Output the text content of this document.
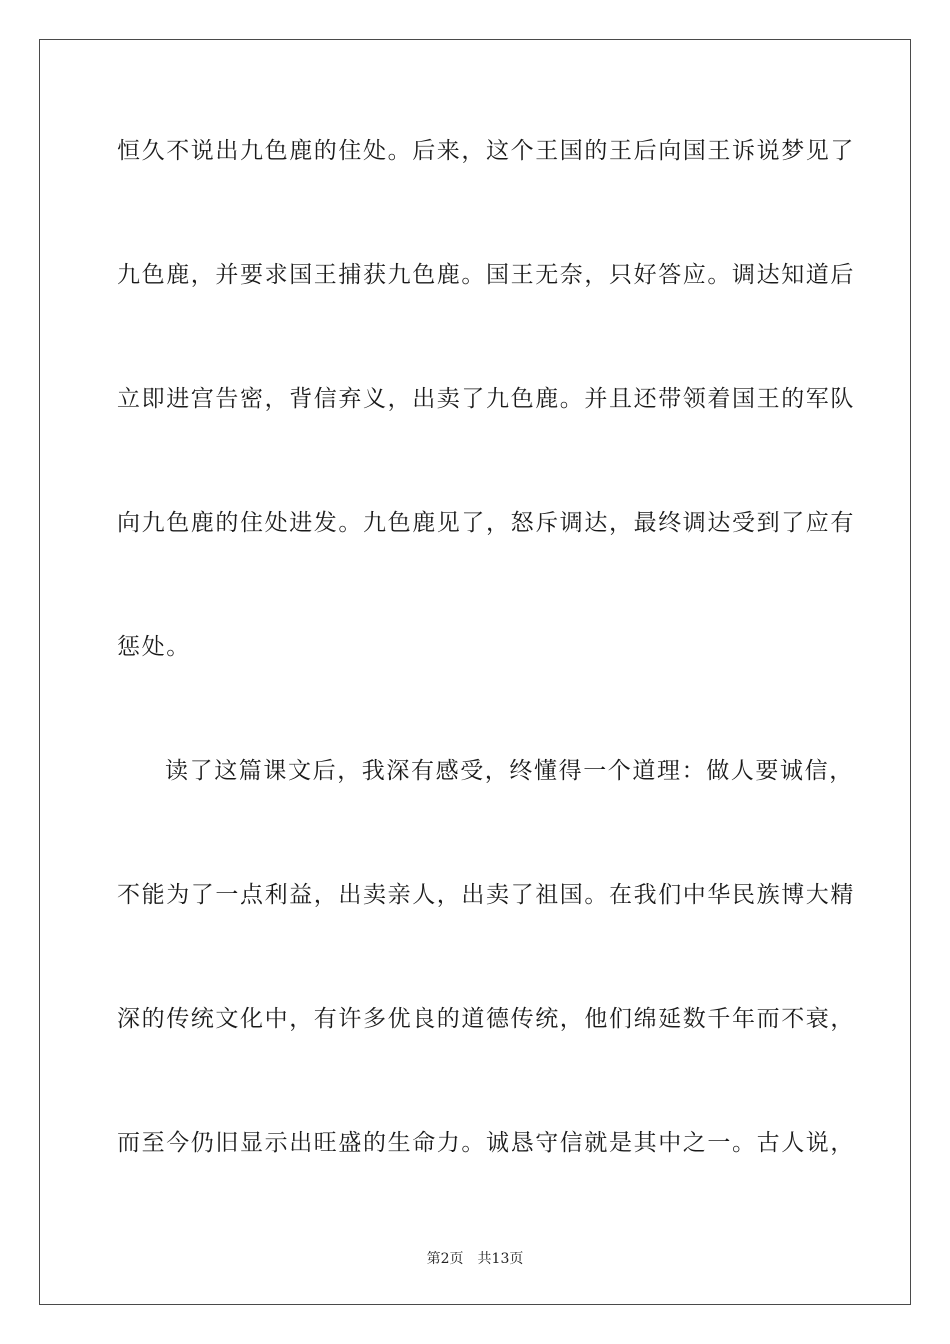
恒久不说出九色鹿的住处。后来，这个王国的王后向国王诉说梦见了
九色鹿，并要求国王捕获九色鹿。国王无奈，只好答应。调达知道后
立即进宫告密，背信弃义，出卖了九色鹿。并且还带领着国王的军队
向九色鹿的住处进发。九色鹿见了，怒斥调达，最终调达受到了应有
惩处。
读了这篇课文后，我深有感受，终懂得一个道理：做人要诚信，
不能为了一点利益，出卖亲人，出卖了祖国。在我们中华民族博大精
深的传统文化中，有许多优良的道德传统，他们绵延数千年而不衰，
而至今仍旧显示出旺盛的生命力。诚恳守信就是其中之一。古人说，
第2页 共13页
